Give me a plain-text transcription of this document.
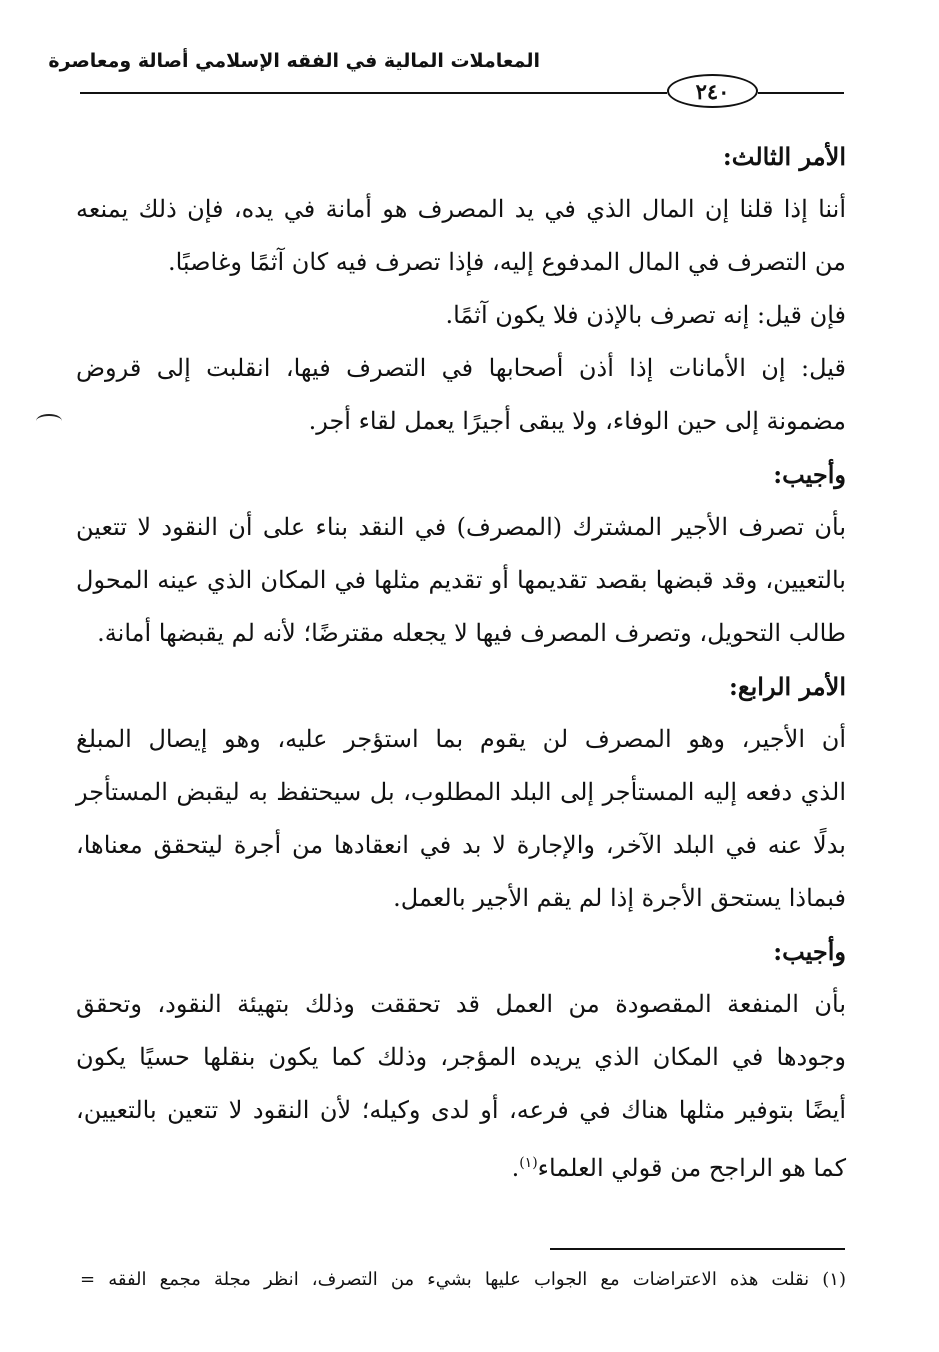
المعاملات المالية في الفقه الإسلامي أصالة ومعاصرة
٢٤٠

الأمر الثالث:

أننا إذا قلنا إن المال الذي في يد المصرف هو أمانة في يده، فإن ذلك يمنعه
من التصرف في المال المدفوع إليه، فإذا تصرف فيه كان آثمًا وغاصبًا.

فإن قيل: إنه تصرف بالإذن فلا يكون آثمًا.

قيل: إن الأمانات إذا أذن أصحابها في التصرف فيها، انقلبت إلى قروض
مضمونة إلى حين الوفاء، ولا يبقى أجيرًا يعمل لقاء أجر.

وأجيب:

بأن تصرف الأجير المشترك (المصرف) في النقد بناء على أن النقود لا تتعين
بالتعيين، وقد قبضها بقصد تقديمها أو تقديم مثلها في المكان الذي عينه المحول
طالب التحويل، وتصرف المصرف فيها لا يجعله مقترضًا؛ لأنه لم يقبضها أمانة.

الأمر الرابع:

أن الأجير، وهو المصرف لن يقوم بما استؤجر عليه، وهو إيصال المبلغ
الذي دفعه إليه المستأجر إلى البلد المطلوب، بل سيحتفظ به ليقبض المستأجر
بدلًا عنه في البلد الآخر، والإجارة لا بد في انعقادها من أجرة ليتحقق معناها،
فبماذا يستحق الأجرة إذا لم يقم الأجير بالعمل.

وأجيب:

بأن المنفعة المقصودة من العمل قد تحققت وذلك بتهيئة النقود، وتحقق
وجودها في المكان الذي يريده المؤجر، وذلك كما يكون بنقلها حسيًا يكون
أيضًا بتوفير مثلها هناك في فرعه، أو لدى وكيله؛ لأن النقود لا تتعين بالتعيين،
كما هو الراجح من قولي العلماء$^{(١)}$.

(١) نقلت هذه الاعتراضات مع الجواب عليها بشيء من التصرف، انظر مجلة مجمع الفقه =
